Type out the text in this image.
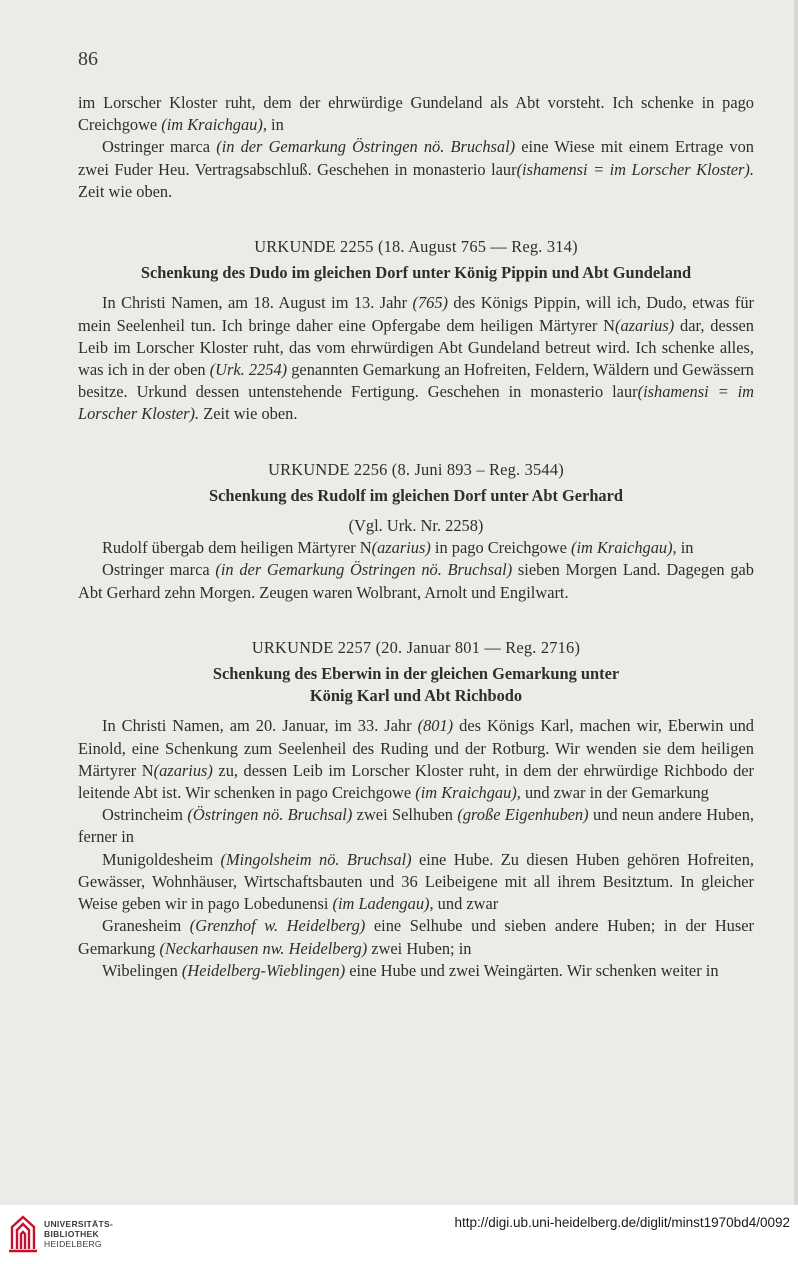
86

im Lorscher Kloster ruht, dem der ehrwürdige Gundeland als Abt vorsteht. Ich schenke in pago Creichgowe (im Kraichgau), in

Ostringer marca (in der Gemarkung Östringen nö. Bruchsal) eine Wiese mit einem Ertrage von zwei Fuder Heu. Vertragsabschluß. Geschehen in monasterio laur(ishamensi = im Lorscher Kloster). Zeit wie oben.

URKUNDE 2255 (18. August 765 — Reg. 314)

Schenkung des Dudo im gleichen Dorf unter König Pippin und Abt Gundeland

In Christi Namen, am 18. August im 13. Jahr (765) des Königs Pippin, will ich, Dudo, etwas für mein Seelenheil tun. Ich bringe daher eine Opfergabe dem heiligen Märtyrer N(azarius) dar, dessen Leib im Lorscher Kloster ruht, das vom ehrwürdigen Abt Gundeland betreut wird. Ich schenke alles, was ich in der oben (Urk. 2254) genannten Gemarkung an Hofreiten, Feldern, Wäldern und Gewässern besitze. Urkund dessen untenstehende Fertigung. Geschehen in monasterio laur(ishamensi = im Lorscher Kloster). Zeit wie oben.

URKUNDE 2256 (8. Juni 893 – Reg. 3544)

Schenkung des Rudolf im gleichen Dorf unter Abt Gerhard

(Vgl. Urk. Nr. 2258)

Rudolf übergab dem heiligen Märtyrer N(azarius) in pago Creichgowe (im Kraichgau), in

Ostringer marca (in der Gemarkung Östringen nö. Bruchsal) sieben Morgen Land. Dagegen gab Abt Gerhard zehn Morgen. Zeugen waren Wolbrant, Arnolt und Engilwart.

URKUNDE 2257 (20. Januar 801 — Reg. 2716)

Schenkung des Eberwin in der gleichen Gemarkung unter

König Karl und Abt Richbodo

In Christi Namen, am 20. Januar, im 33. Jahr (801) des Königs Karl, machen wir, Eberwin und Einold, eine Schenkung zum Seelenheil des Ruding und der Rotburg. Wir wenden sie dem heiligen Märtyrer N(azarius) zu, dessen Leib im Lorscher Kloster ruht, in dem der ehrwürdige Richbodo der leitende Abt ist. Wir schenken in pago Creichgowe (im Kraichgau), und zwar in der Gemarkung

Ostrincheim (Östringen nö. Bruchsal) zwei Selhuben (große Eigenhuben) und neun andere Huben, ferner in

Munigoldesheim (Mingolsheim nö. Bruchsal) eine Hube. Zu diesen Huben gehören Hofreiten, Gewässer, Wohnhäuser, Wirtschaftsbauten und 36 Leibeigene mit all ihrem Besitztum. In gleicher Weise geben wir in pago Lobedunensi (im Ladengau), und zwar

Granesheim (Grenzhof w. Heidelberg) eine Selhube und sieben andere Huben; in der Huser Gemarkung (Neckarhausen nw. Heidelberg) zwei Huben; in

Wibelingen (Heidelberg-Wieblingen) eine Hube und zwei Weingärten. Wir schenken weiter in

UNIVERSITÄTS-
BIBLIOTHEK
HEIDELBERG
http://digi.ub.uni-heidelberg.de/diglit/minst1970bd4/0092
